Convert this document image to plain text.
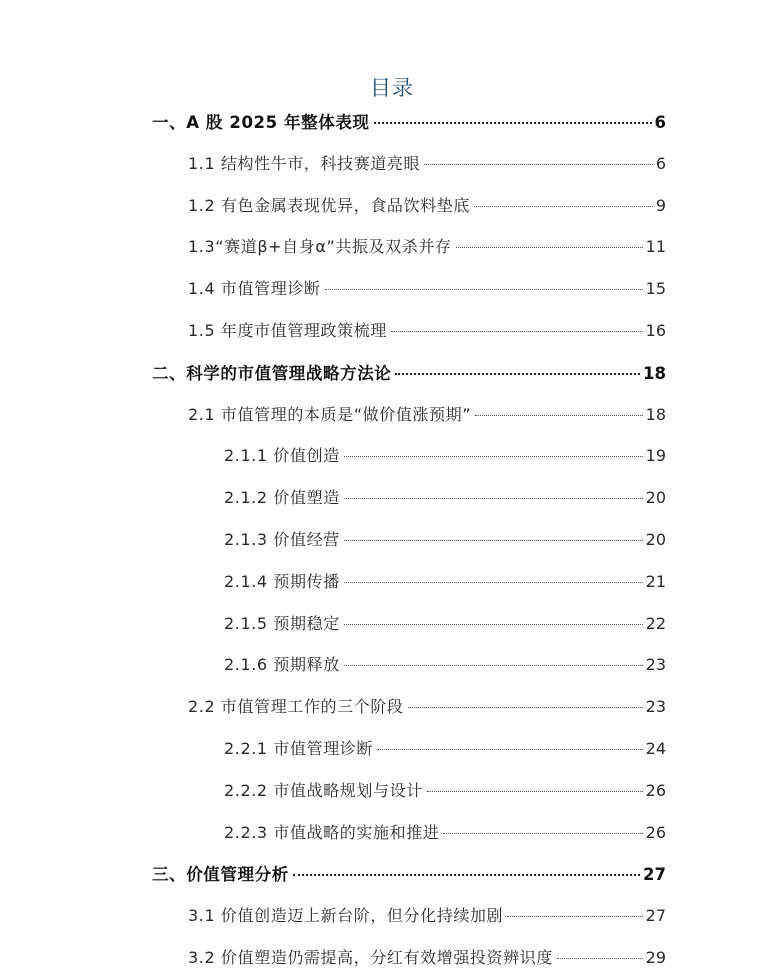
目录
一、A 股 2025 年整体表现	6
1.1 结构性牛市，科技赛道亮眼	6
1.2 有色金属表现优异，食品饮料垫底	9
1.3“赛道β+自身α”共振及双杀并存	11
1.4 市值管理诊断	15
1.5 年度市值管理政策梳理	16
二、科学的市值管理战略方法论	18
2.1 市值管理的本质是“做价值涨预期”	18
2.1.1 价值创造	19
2.1.2 价值塑造	20
2.1.3 价值经营	20
2.1.4 预期传播	21
2.1.5 预期稳定	22
2.1.6 预期释放	23
2.2 市值管理工作的三个阶段	23
2.2.1 市值管理诊断	24
2.2.2 市值战略规划与设计	26
2.2.3 市值战略的实施和推进	26
三、价值管理分析	27
3.1 价值创造迈上新台阶，但分化持续加剧	27
3.2 价值塑造仍需提高，分红有效增强投资辨识度	29
